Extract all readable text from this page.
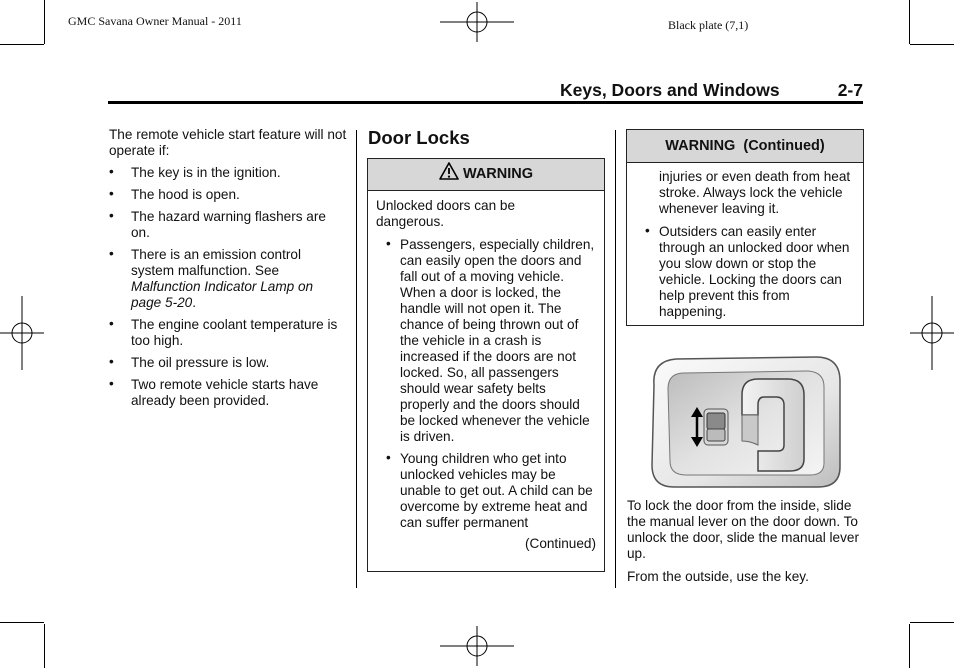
GMC Savana Owner Manual - 2011	Black plate (7,1)
Keys, Doors and Windows	2-7

The remote vehicle start feature will not operate if:

• The key is in the ignition.
• The hood is open.
• The hazard warning flashers are on.
• There is an emission control system malfunction. See Malfunction Indicator Lamp on page 5-20.
• The engine coolant temperature is too high.
• The oil pressure is low.
• Two remote vehicle starts have already been provided.
Door Locks
WARNING

Unlocked doors can be dangerous.

• Passengers, especially children, can easily open the doors and fall out of a moving vehicle. When a door is locked, the handle will not open it. The chance of being thrown out of the vehicle in a crash is increased if the doors are not locked. So, all passengers should wear safety belts properly and the doors should be locked whenever the vehicle is driven.
• Young children who get into unlocked vehicles may be unable to get out. A child can be overcome by extreme heat and can suffer permanent
(Continued)
WARNING  (Continued)

injuries or even death from heat stroke. Always lock the vehicle whenever leaving it.

• Outsiders can easily enter through an unlocked door when you slow down or stop the vehicle. Locking the doors can help prevent this from happening.

To lock the door from the inside, slide the manual lever on the door down. To unlock the door, slide the manual lever up.

From the outside, use the key.
